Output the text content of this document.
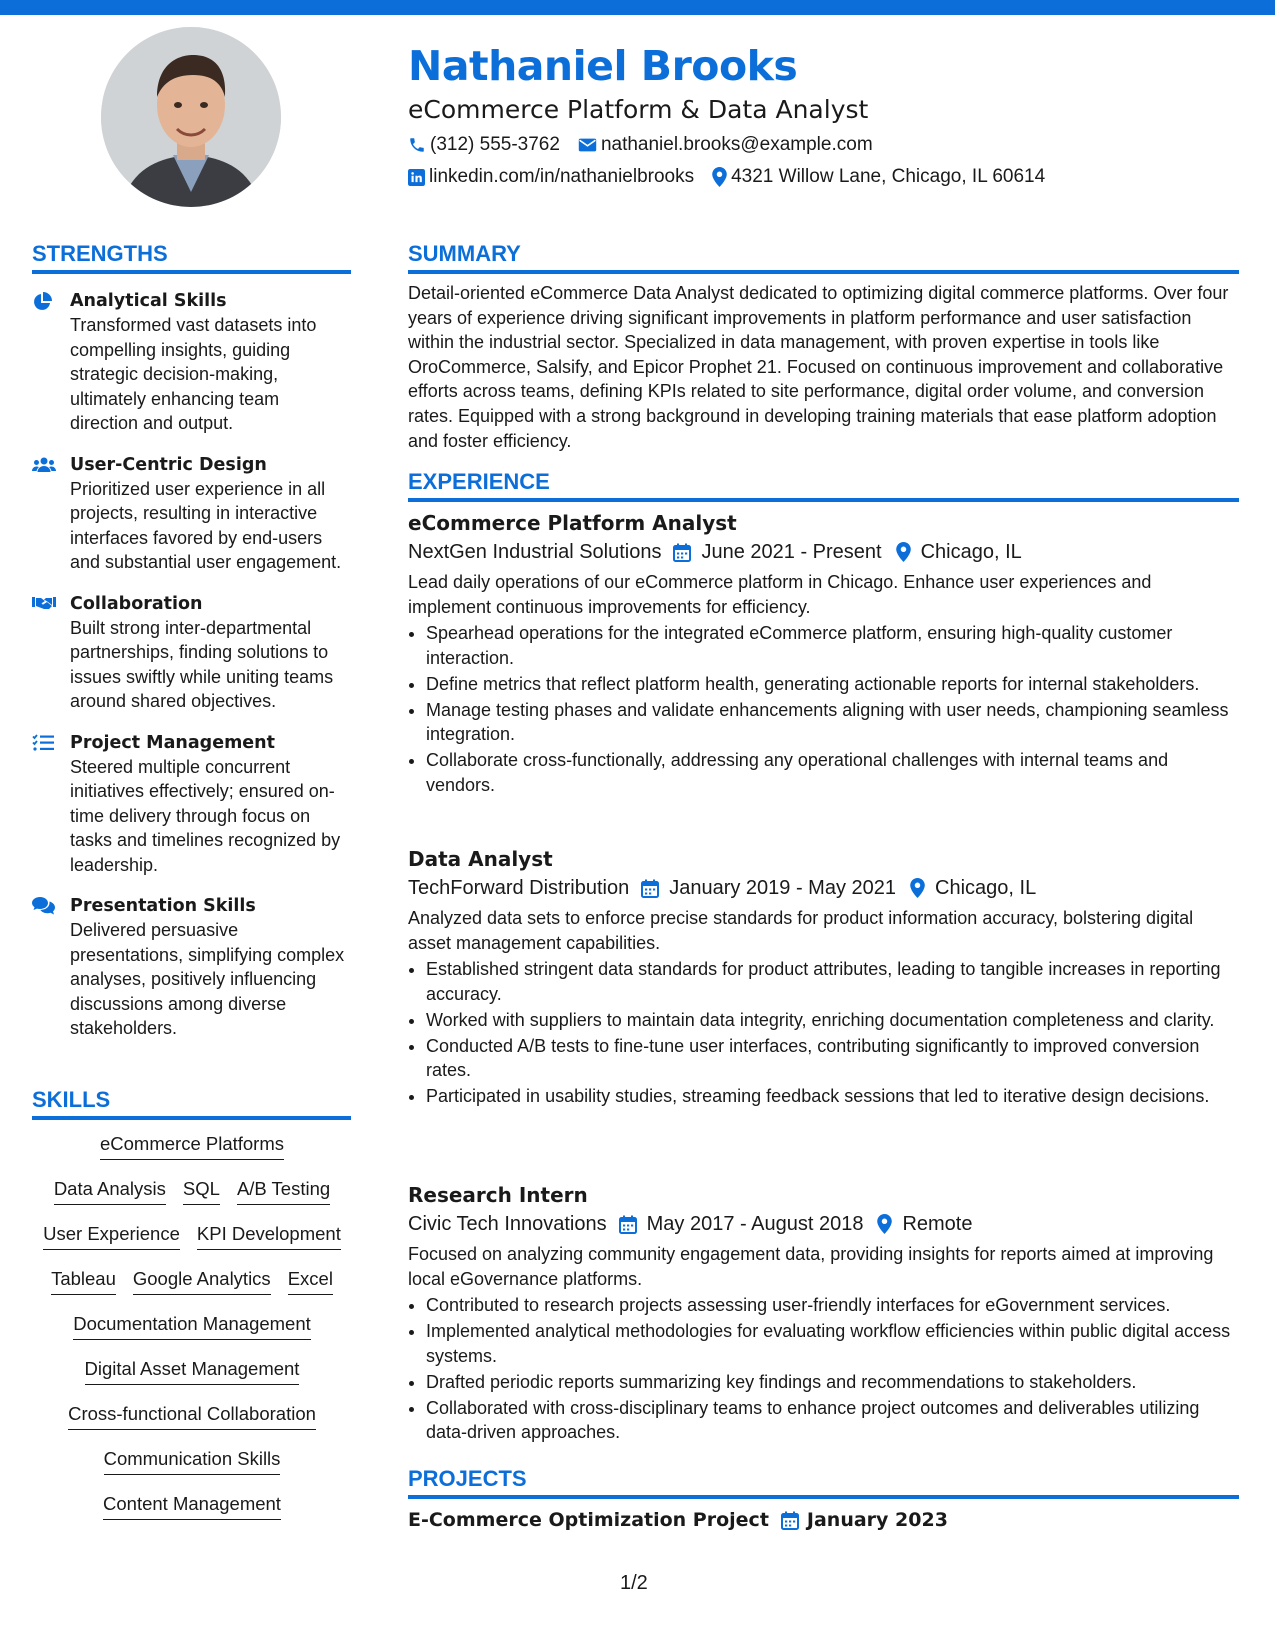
Nathaniel Brooks
eCommerce Platform & Data Analyst
(312) 555-3762 nathaniel.brooks@example.com
linkedin.com/in/nathanielbrooks 4321 Willow Lane, Chicago, IL 60614
STRENGTHS
Analytical Skills
Transformed vast datasets into compelling insights, guiding strategic decision-making, ultimately enhancing team direction and output.
User-Centric Design
Prioritized user experience in all projects, resulting in interactive interfaces favored by end-users and substantial user engagement.
Collaboration
Built strong inter-departmental partnerships, finding solutions to issues swiftly while uniting teams around shared objectives.
Project Management
Steered multiple concurrent initiatives effectively; ensured on-time delivery through focus on tasks and timelines recognized by leadership.
Presentation Skills
Delivered persuasive presentations, simplifying complex analyses, positively influencing discussions among diverse stakeholders.
SKILLS
eCommerce Platforms
Data Analysis SQL A/B Testing
User Experience KPI Development
Tableau Google Analytics Excel
Documentation Management
Digital Asset Management
Cross-functional Collaboration
Communication Skills
Content Management
SUMMARY
Detail-oriented eCommerce Data Analyst dedicated to optimizing digital commerce platforms. Over four years of experience driving significant improvements in platform performance and user satisfaction within the industrial sector. Specialized in data management, with proven expertise in tools like OroCommerce, Salsify, and Epicor Prophet 21. Focused on continuous improvement and collaborative efforts across teams, defining KPIs related to site performance, digital order volume, and conversion rates. Equipped with a strong background in developing training materials that ease platform adoption and foster efficiency.
EXPERIENCE
eCommerce Platform Analyst
NextGen Industrial Solutions June 2021 - Present Chicago, IL
Lead daily operations of our eCommerce platform in Chicago. Enhance user experiences and implement continuous improvements for efficiency.
• Spearhead operations for the integrated eCommerce platform, ensuring high-quality customer interaction.
• Define metrics that reflect platform health, generating actionable reports for internal stakeholders.
• Manage testing phases and validate enhancements aligning with user needs, championing seamless integration.
• Collaborate cross-functionally, addressing any operational challenges with internal teams and vendors.
Data Analyst
TechForward Distribution January 2019 - May 2021 Chicago, IL
Analyzed data sets to enforce precise standards for product information accuracy, bolstering digital asset management capabilities.
• Established stringent data standards for product attributes, leading to tangible increases in reporting accuracy.
• Worked with suppliers to maintain data integrity, enriching documentation completeness and clarity.
• Conducted A/B tests to fine-tune user interfaces, contributing significantly to improved conversion rates.
• Participated in usability studies, streaming feedback sessions that led to iterative design decisions.
Research Intern
Civic Tech Innovations May 2017 - August 2018 Remote
Focused on analyzing community engagement data, providing insights for reports aimed at improving local eGovernance platforms.
• Contributed to research projects assessing user-friendly interfaces for eGovernment services.
• Implemented analytical methodologies for evaluating workflow efficiencies within public digital access systems.
• Drafted periodic reports summarizing key findings and recommendations to stakeholders.
• Collaborated with cross-disciplinary teams to enhance project outcomes and deliverables utilizing data-driven approaches.
PROJECTS
E-Commerce Optimization Project January 2023
1/2
